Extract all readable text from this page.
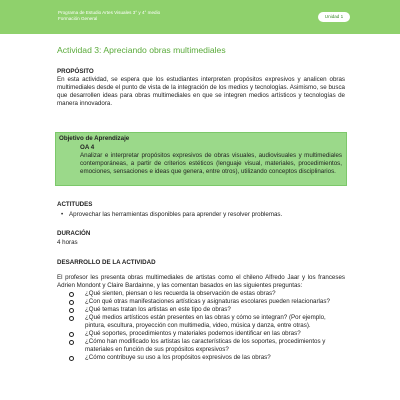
Programa de Estudio Artes Visuales 3° y 4° medio
Formación General	Unidad 1
Actividad 3: Apreciando obras multimediales
PROPÓSITO
En esta actividad, se espera que los estudiantes interpreten propósitos expresivos y analicen obras multimediales desde el punto de vista de la integración de los medios y tecnologías. Asimismo, se busca que desarrollen ideas para obras multimediales en que se integren medios artísticos y tecnologías de manera innovadora.
Objetivo de Aprendizaje
OA 4
Analizar e interpretar propósitos expresivos de obras visuales, audiovisuales y multimediales contemporáneas, a partir de criterios estéticos (lenguaje visual, materiales, procedimientos, emociones, sensaciones e ideas que genera, entre otros), utilizando conceptos disciplinarios.
ACTITUDES
• Aprovechar las herramientas disponibles para aprender y resolver problemas.
DURACIÓN
4 horas
DESARROLLO DE LA ACTIVIDAD
El profesor les presenta obras multimediales de artistas como el chileno Alfredo Jaar y los franceses Adrien Mondont y Claire Bardainne, y las comentan basados en las siguientes preguntas:
¿Qué sienten, piensan o les recuerda la observación de estas obras?
¿Con qué otras manifestaciones artísticas y asignaturas escolares pueden relacionarlas?
¿Qué temas tratan los artistas en este tipo de obras?
¿Qué medios artísticos están presentes en las obras y cómo se integran? (Por ejemplo, pintura, escultura, proyección con multimedia, video, música y danza, entre otras).
¿Qué soportes, procedimientos y materiales podemos identificar en las obras?
¿Cómo han modificado los artistas las características de los soportes, procedimientos y materiales en función de sus propósitos expresivos?
¿Cómo contribuye su uso a los propósitos expresivos de las obras?
